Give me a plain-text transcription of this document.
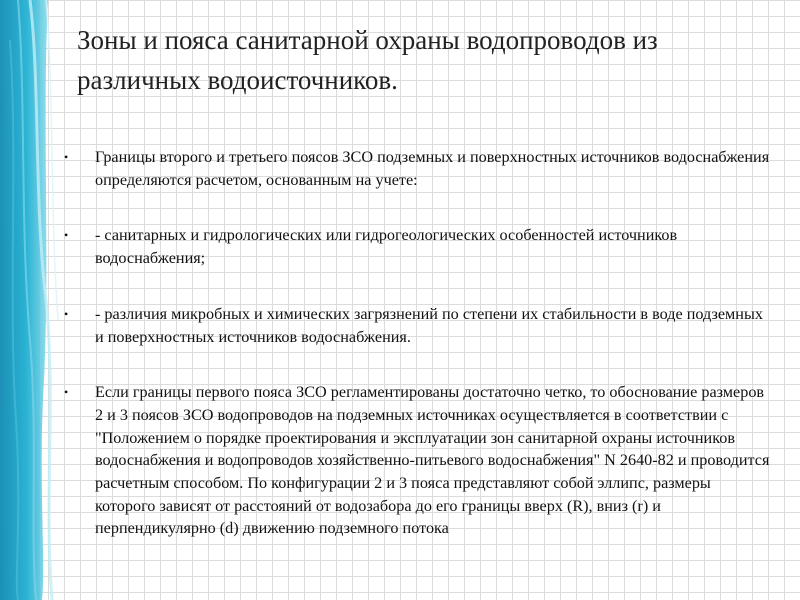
Зоны и пояса санитарной охраны водопроводов из различных водоисточников.
• Границы второго и третьего поясов ЗСО подземных и поверхностных источников водоснабжения определяются расчетом, основанным на учете:
• - санитарных и гидрологических или гидрогеологических особенностей источников водоснабжения;
• - различия микробных и химических загрязнений по степени их стабильности в воде подземных и поверхностных источников водоснабжения.
• Если границы первого пояса ЗСО регламентированы достаточно четко, то обоснование размеров 2 и 3 поясов ЗСО водопроводов на подземных источниках осуществляется в соответствии с "Положением о порядке проектирования и эксплуатации зон санитарной охраны источников водоснабжения и водопроводов хозяйственно-питьевого водоснабжения" N 2640-82 и проводится расчетным способом. По конфигурации 2 и 3 пояса представляют собой эллипс, размеры которого зависят от расстояний от водозабора до его границы вверх (R), вниз (r) и перпендикулярно (d) движению подземного потока
